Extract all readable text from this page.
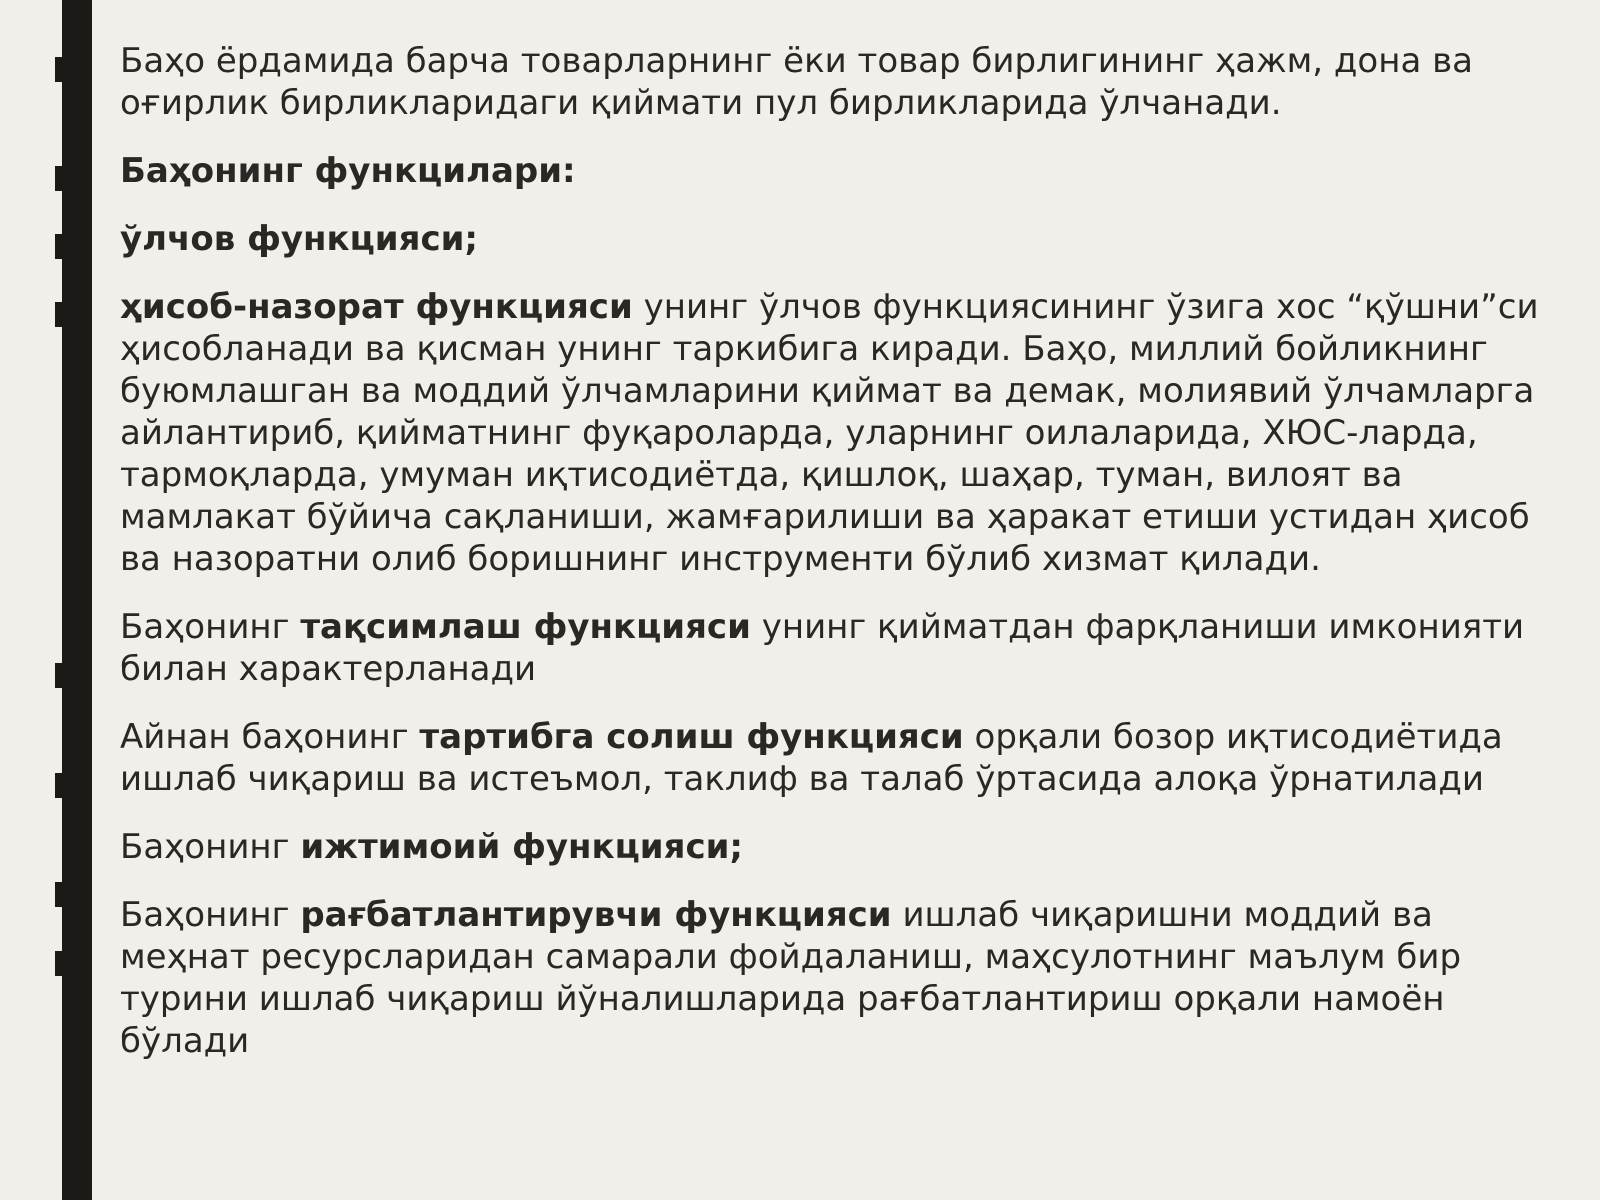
Баҳо ёрдамида барча товарларнинг ёки товар бирлигининг ҳажм, дона ва оғирлик бирликларидаги қиймати пул бирликларида ўлчанади.

Баҳонинг функцилари:

ўлчов функцияси;

ҳисоб-назорат функцияси унинг ўлчов функциясининг ўзига хос “қўшни”си ҳисобланади ва қисман унинг таркибига киради. Баҳо, миллий бойликнинг буюмлашган ва моддий ўлчамларини қиймат ва демак, молиявий ўлчамларга айлантириб, қийматнинг фуқароларда, уларнинг оилаларида, ХЮС-ларда, тармоқларда, умуман иқтисодиётда, қишлоқ, шаҳар, туман, вилоят ва мамлакат бўйича сақланиши, жамғарилиши ва ҳаракат етиши устидан ҳисоб ва назоратни олиб боришнинг инструменти бўлиб хизмат қилади.

Баҳонинг тақсимлаш функцияси унинг қийматдан фарқланиши имконияти билан характерланади

Айнан баҳонинг тартибга солиш функцияси орқали бозор иқтисодиётида ишлаб чиқариш ва истеъмол, таклиф ва талаб ўртасида алоқа ўрнатилади

Баҳонинг ижтимоий функцияси;

Баҳонинг рағбатлантирувчи функцияси ишлаб чиқаришни моддий ва меҳнат ресурсларидан самарали фойдаланиш, маҳсулотнинг маълум бир турини ишлаб чиқариш йўналишларида рағбатлантириш орқали намоён бўлади
